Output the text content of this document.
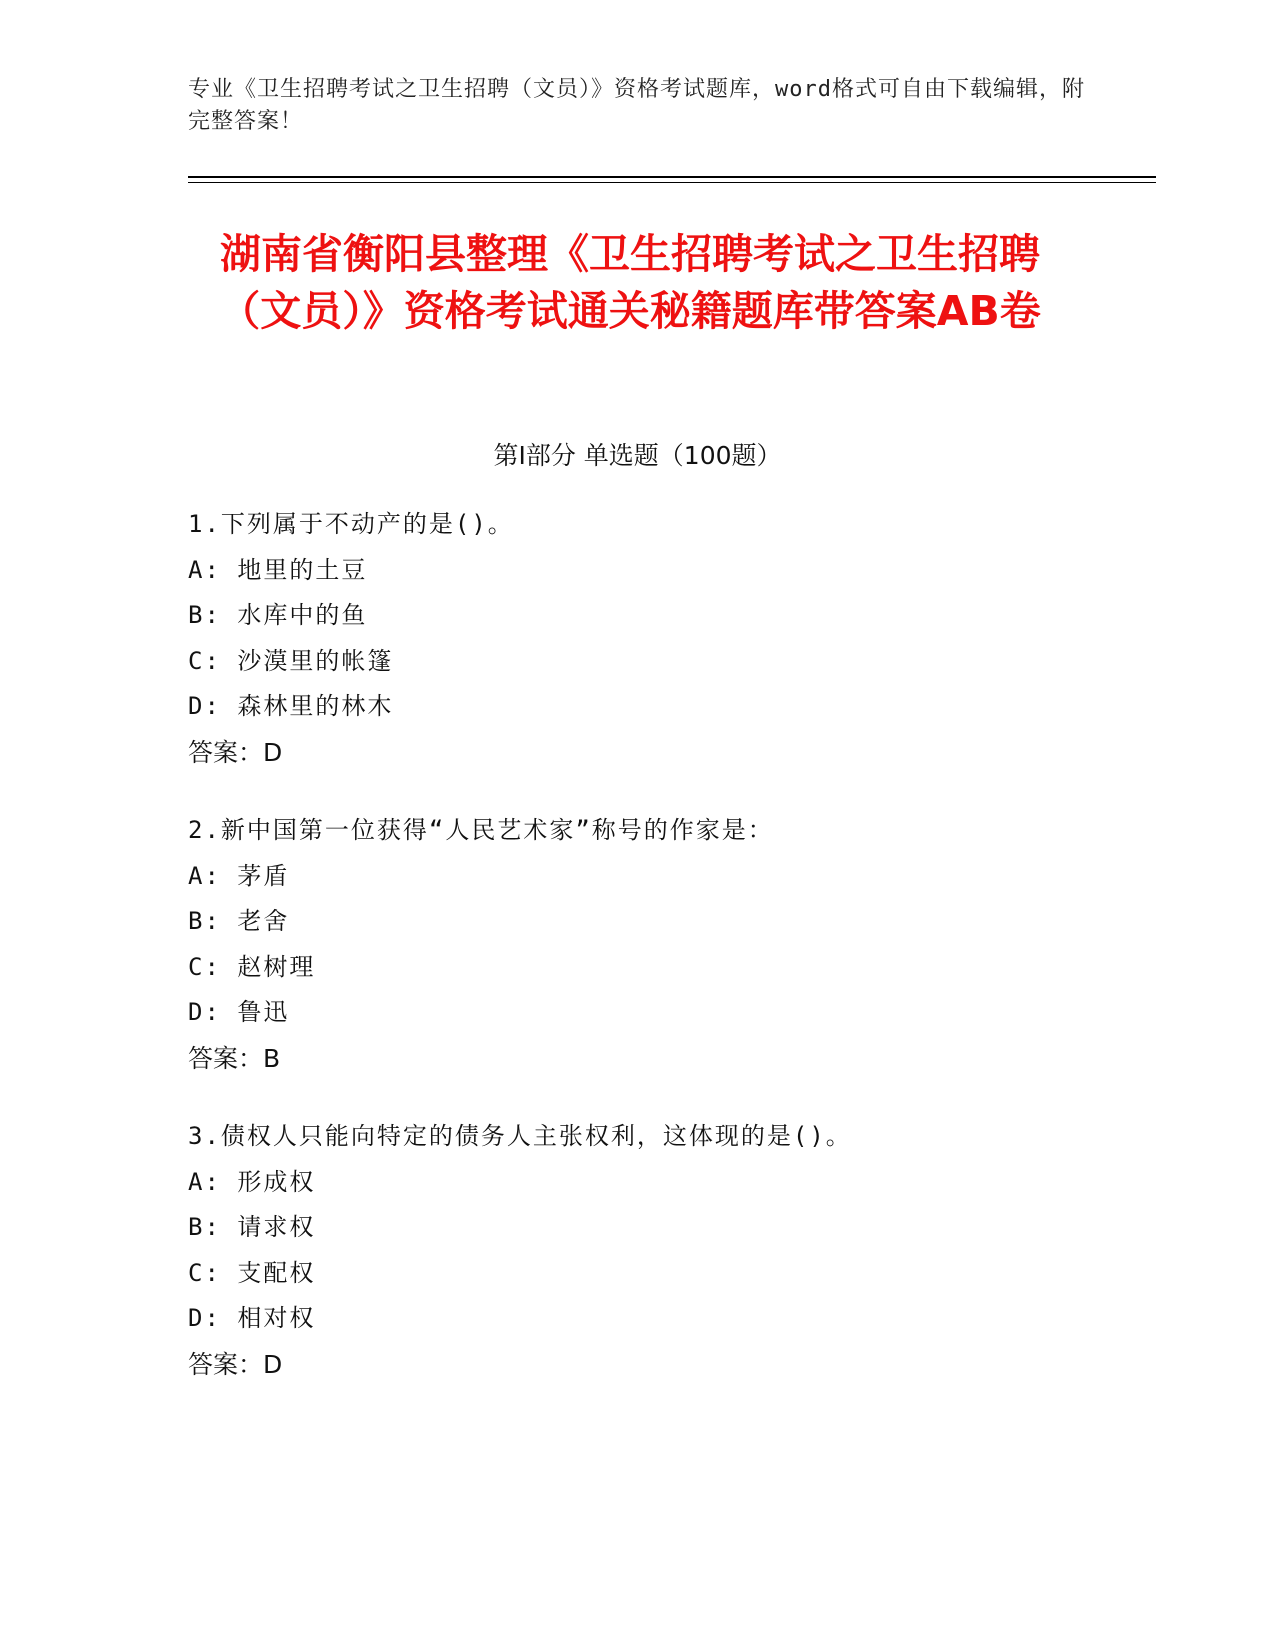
专业《卫生招聘考试之卫生招聘（文员）》资格考试题库，word格式可自由下载编辑，附完整答案！
湖南省衡阳县整理《卫生招聘考试之卫生招聘（文员）》资格考试通关秘籍题库带答案AB卷
第I部分 单选题（100题）
1.下列属于不动产的是()。
A: 地里的土豆
B: 水库中的鱼
C: 沙漠里的帐篷
D: 森林里的林木
答案：D
2.新中国第一位获得“人民艺术家”称号的作家是：
A: 茅盾
B: 老舍
C: 赵树理
D: 鲁迅
答案：B
3.债权人只能向特定的债务人主张权利，这体现的是()。
A: 形成权
B: 请求权
C: 支配权
D: 相对权
答案：D
